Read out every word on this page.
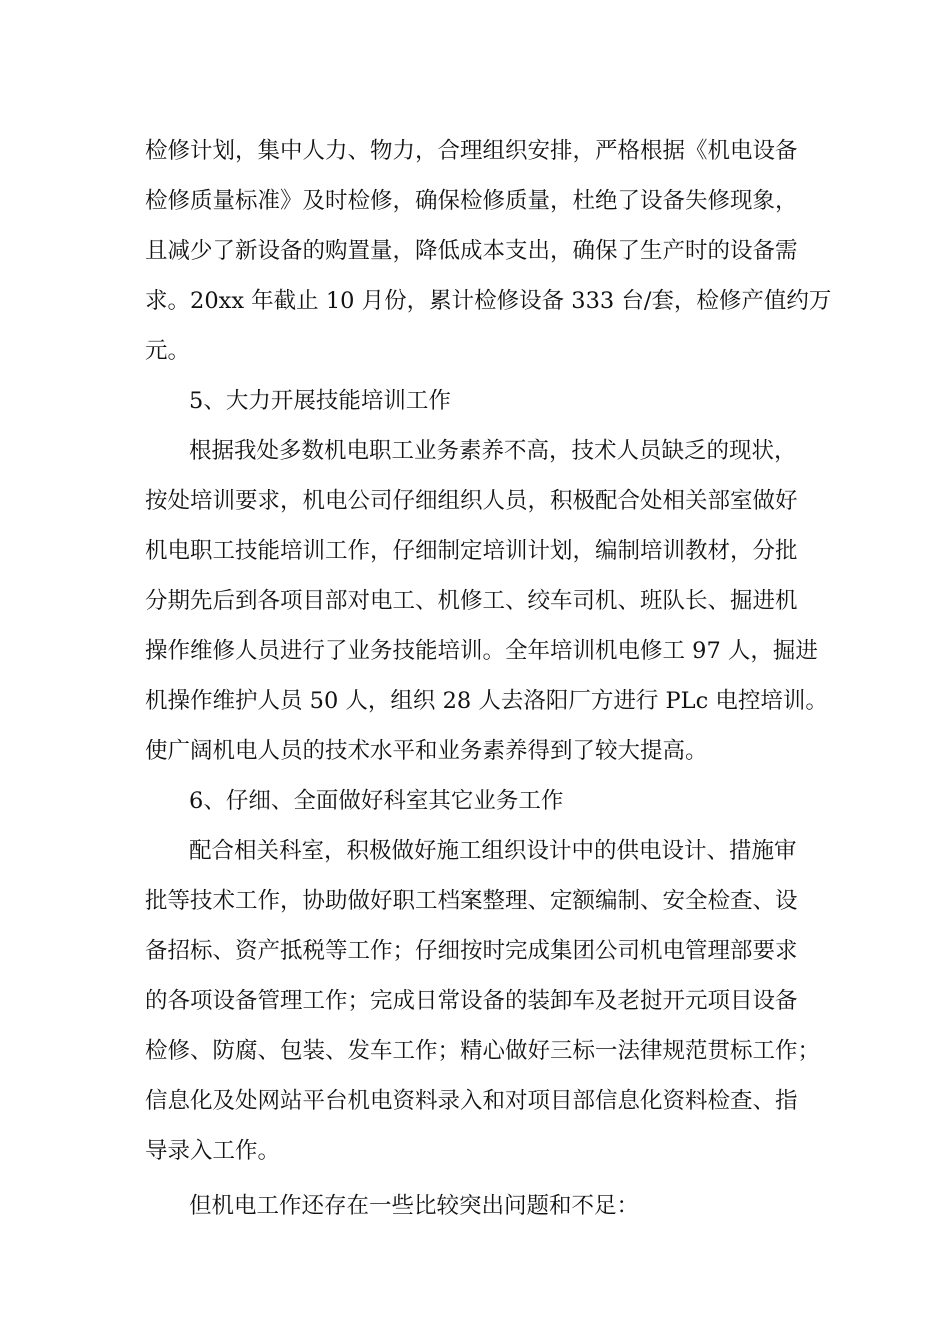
检修计划，集中人力、物力，合理组织安排，严格根据《机电设备
检修质量标准》及时检修，确保检修质量，杜绝了设备失修现象，
且减少了新设备的购置量，降低成本支出，确保了生产时的设备需
求。20xx 年截止 10 月份，累计检修设备 333 台/套，检修产值约万
元。
5、大力开展技能培训工作
根据我处多数机电职工业务素养不高，技术人员缺乏的现状，
按处培训要求，机电公司仔细组织人员，积极配合处相关部室做好
机电职工技能培训工作，仔细制定培训计划，编制培训教材，分批
分期先后到各项目部对电工、机修工、绞车司机、班队长、掘进机
操作维修人员进行了业务技能培训。全年培训机电修工 97 人，掘进
机操作维护人员 50 人，组织 28 人去洛阳厂方进行 PLc 电控培训。
使广阔机电人员的技术水平和业务素养得到了较大提高。
6、仔细、全面做好科室其它业务工作
配合相关科室，积极做好施工组织设计中的供电设计、措施审
批等技术工作，协助做好职工档案整理、定额编制、安全检查、设
备招标、资产抵税等工作；仔细按时完成集团公司机电管理部要求
的各项设备管理工作；完成日常设备的装卸车及老挝开元项目设备
检修、防腐、包装、发车工作；精心做好三标一法律规范贯标工作；
信息化及处网站平台机电资料录入和对项目部信息化资料检查、指
导录入工作。
但机电工作还存在一些比较突出问题和不足：
